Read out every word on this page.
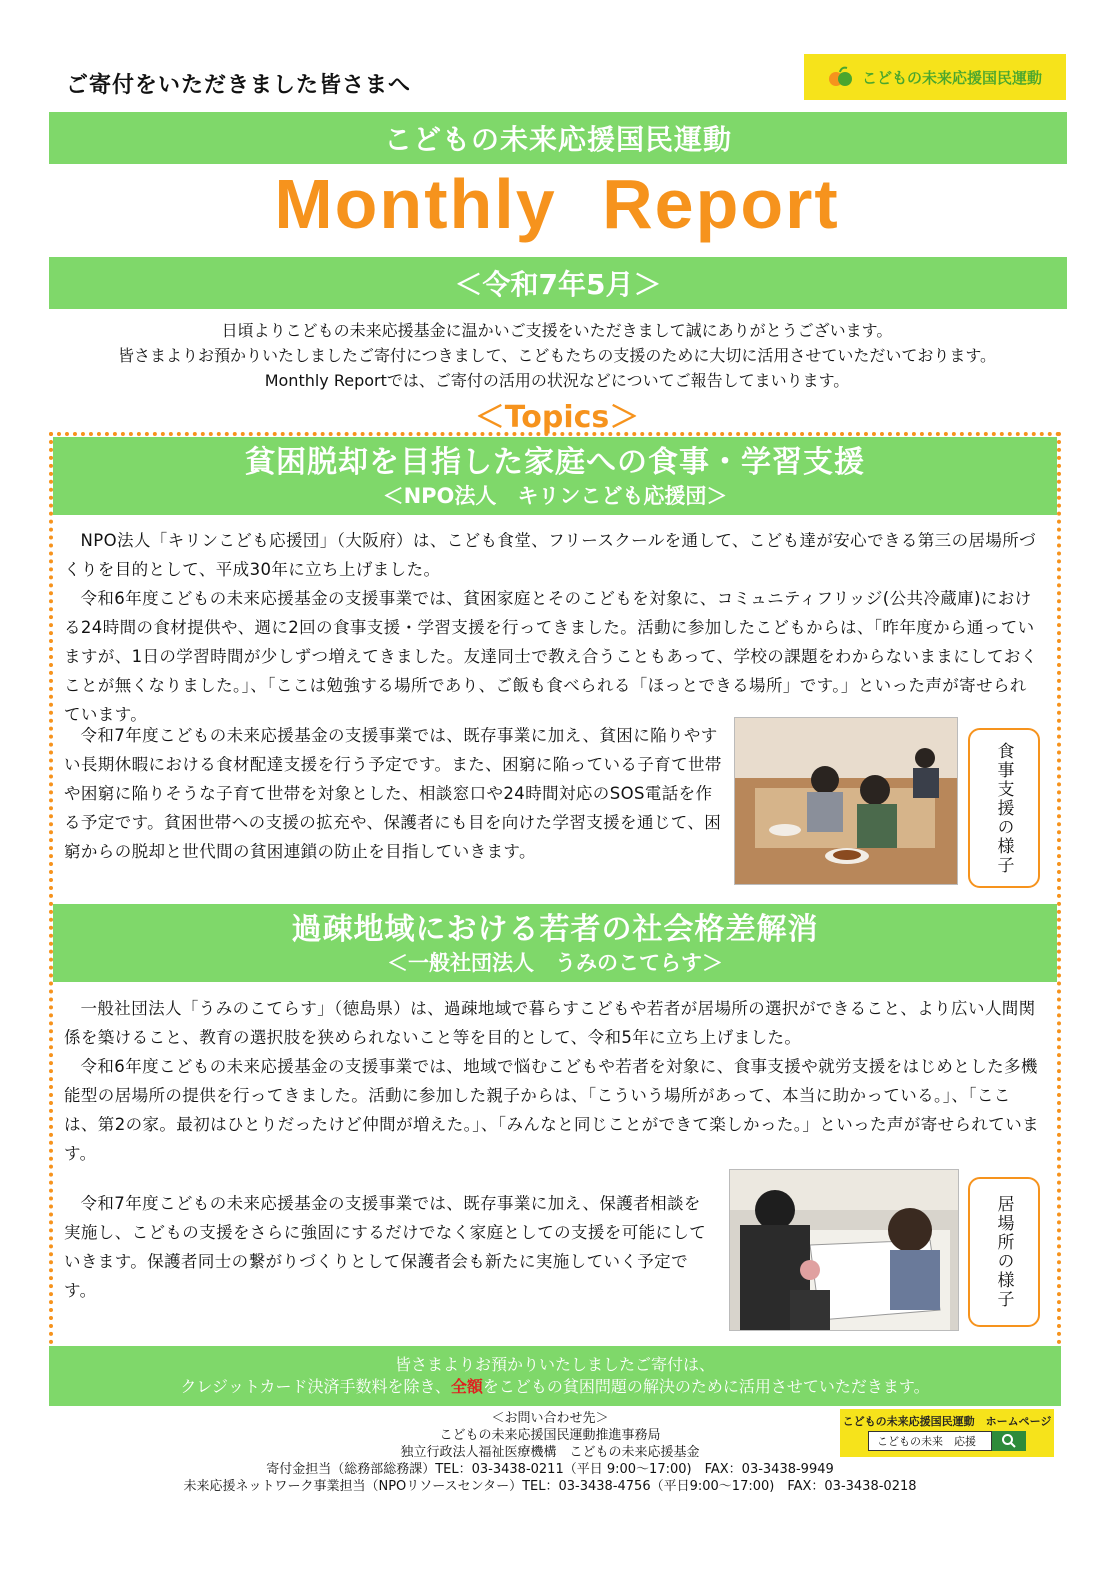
ご寄付をいただきました皆さまへ	こどもの未来応援国民運動
こどもの未来応援国民運動
Monthly Report
＜令和7年5月＞
日頃よりこどもの未来応援基金に温かいご支援をいただきまして誠にありがとうございます。
皆さまよりお預かりいたしましたご寄付につきまして、こどもたちの支援のために大切に活用させていただいております。
Monthly Reportでは、ご寄付の活用の状況などについてご報告してまいります。
＜Topics＞
貧困脱却を目指した家庭への食事・学習支援
＜NPO法人　キリンこども応援団＞

NPO法人「キリンこども応援団」（大阪府）は、こども食堂、フリースクールを通して、こども達が安心できる第三の居場所づくりを目的として、平成30年に立ち上げました。

令和6年度こどもの未来応援基金の支援事業では、貧困家庭とそのこどもを対象に、コミュニティフリッジ(公共冷蔵庫)における24時間の食材提供や、週に2回の食事支援・学習支援を行ってきました。活動に参加したこどもからは、「昨年度から通っていますが、1日の学習時間が少しずつ増えてきました。友達同士で教え合うこともあって、学校の課題をわからないままにしておくことが無くなりました。」、「ここは勉強する場所であり、ご飯も食べられる「ほっとできる場所」です。」といった声が寄せられています。

令和7年度こどもの未来応援基金の支援事業では、既存事業に加え、貧困に陥りやすい長期休暇における食材配達支援を行う予定です。また、困窮に陥っている子育て世帯や困窮に陥りそうな子育て世帯を対象とした、相談窓口や24時間対応のSOS電話を作る予定です。貧困世帯への支援の拡充や、保護者にも目を向けた学習支援を通じて、困窮からの脱却と世代間の貧困連鎖の防止を目指していきます。	食事支援の様子
過疎地域における若者の社会格差解消
＜一般社団法人　うみのこてらす＞

一般社団法人「うみのこてらす」（徳島県）は、過疎地域で暮らすこどもや若者が居場所の選択ができること、より広い人間関係を築けること、教育の選択肢を狭められないこと等を目的として、令和5年に立ち上げました。

令和6年度こどもの未来応援基金の支援事業では、地域で悩むこどもや若者を対象に、食事支援や就労支援をはじめとした多機能型の居場所の提供を行ってきました。活動に参加した親子からは、「こういう場所があって、本当に助かっている。」、「ここは、第2の家。最初はひとりだったけど仲間が増えた。」、「みんなと同じことができて楽しかった。」といった声が寄せられています。

令和7年度こどもの未来応援基金の支援事業では、既存事業に加え、保護者相談を実施し、こどもの支援をさらに強固にするだけでなく家庭としての支援を可能にしていきます。保護者同士の繋がりづくりとして保護者会も新たに実施していく予定です。	居場所の様子
皆さまよりお預かりいたしましたご寄付は、
クレジットカード決済手数料を除き、全額をこどもの貧困問題の解決のために活用させていただきます。
＜お問い合わせ先＞
こどもの未来応援国民運動推進事務局
独立行政法人福祉医療機構　こどもの未来応援基金
寄付金担当（総務部総務課）TEL：03-3438-0211（平日 9:00～17:00)　FAX：03-3438-9949
未来応援ネットワーク事業担当（NPOリソースセンター）TEL：03-3438-4756（平日9:00～17:00)　FAX：03-3438-0218
こどもの未来応援国民運動　ホームページ
こどもの未来　応援
